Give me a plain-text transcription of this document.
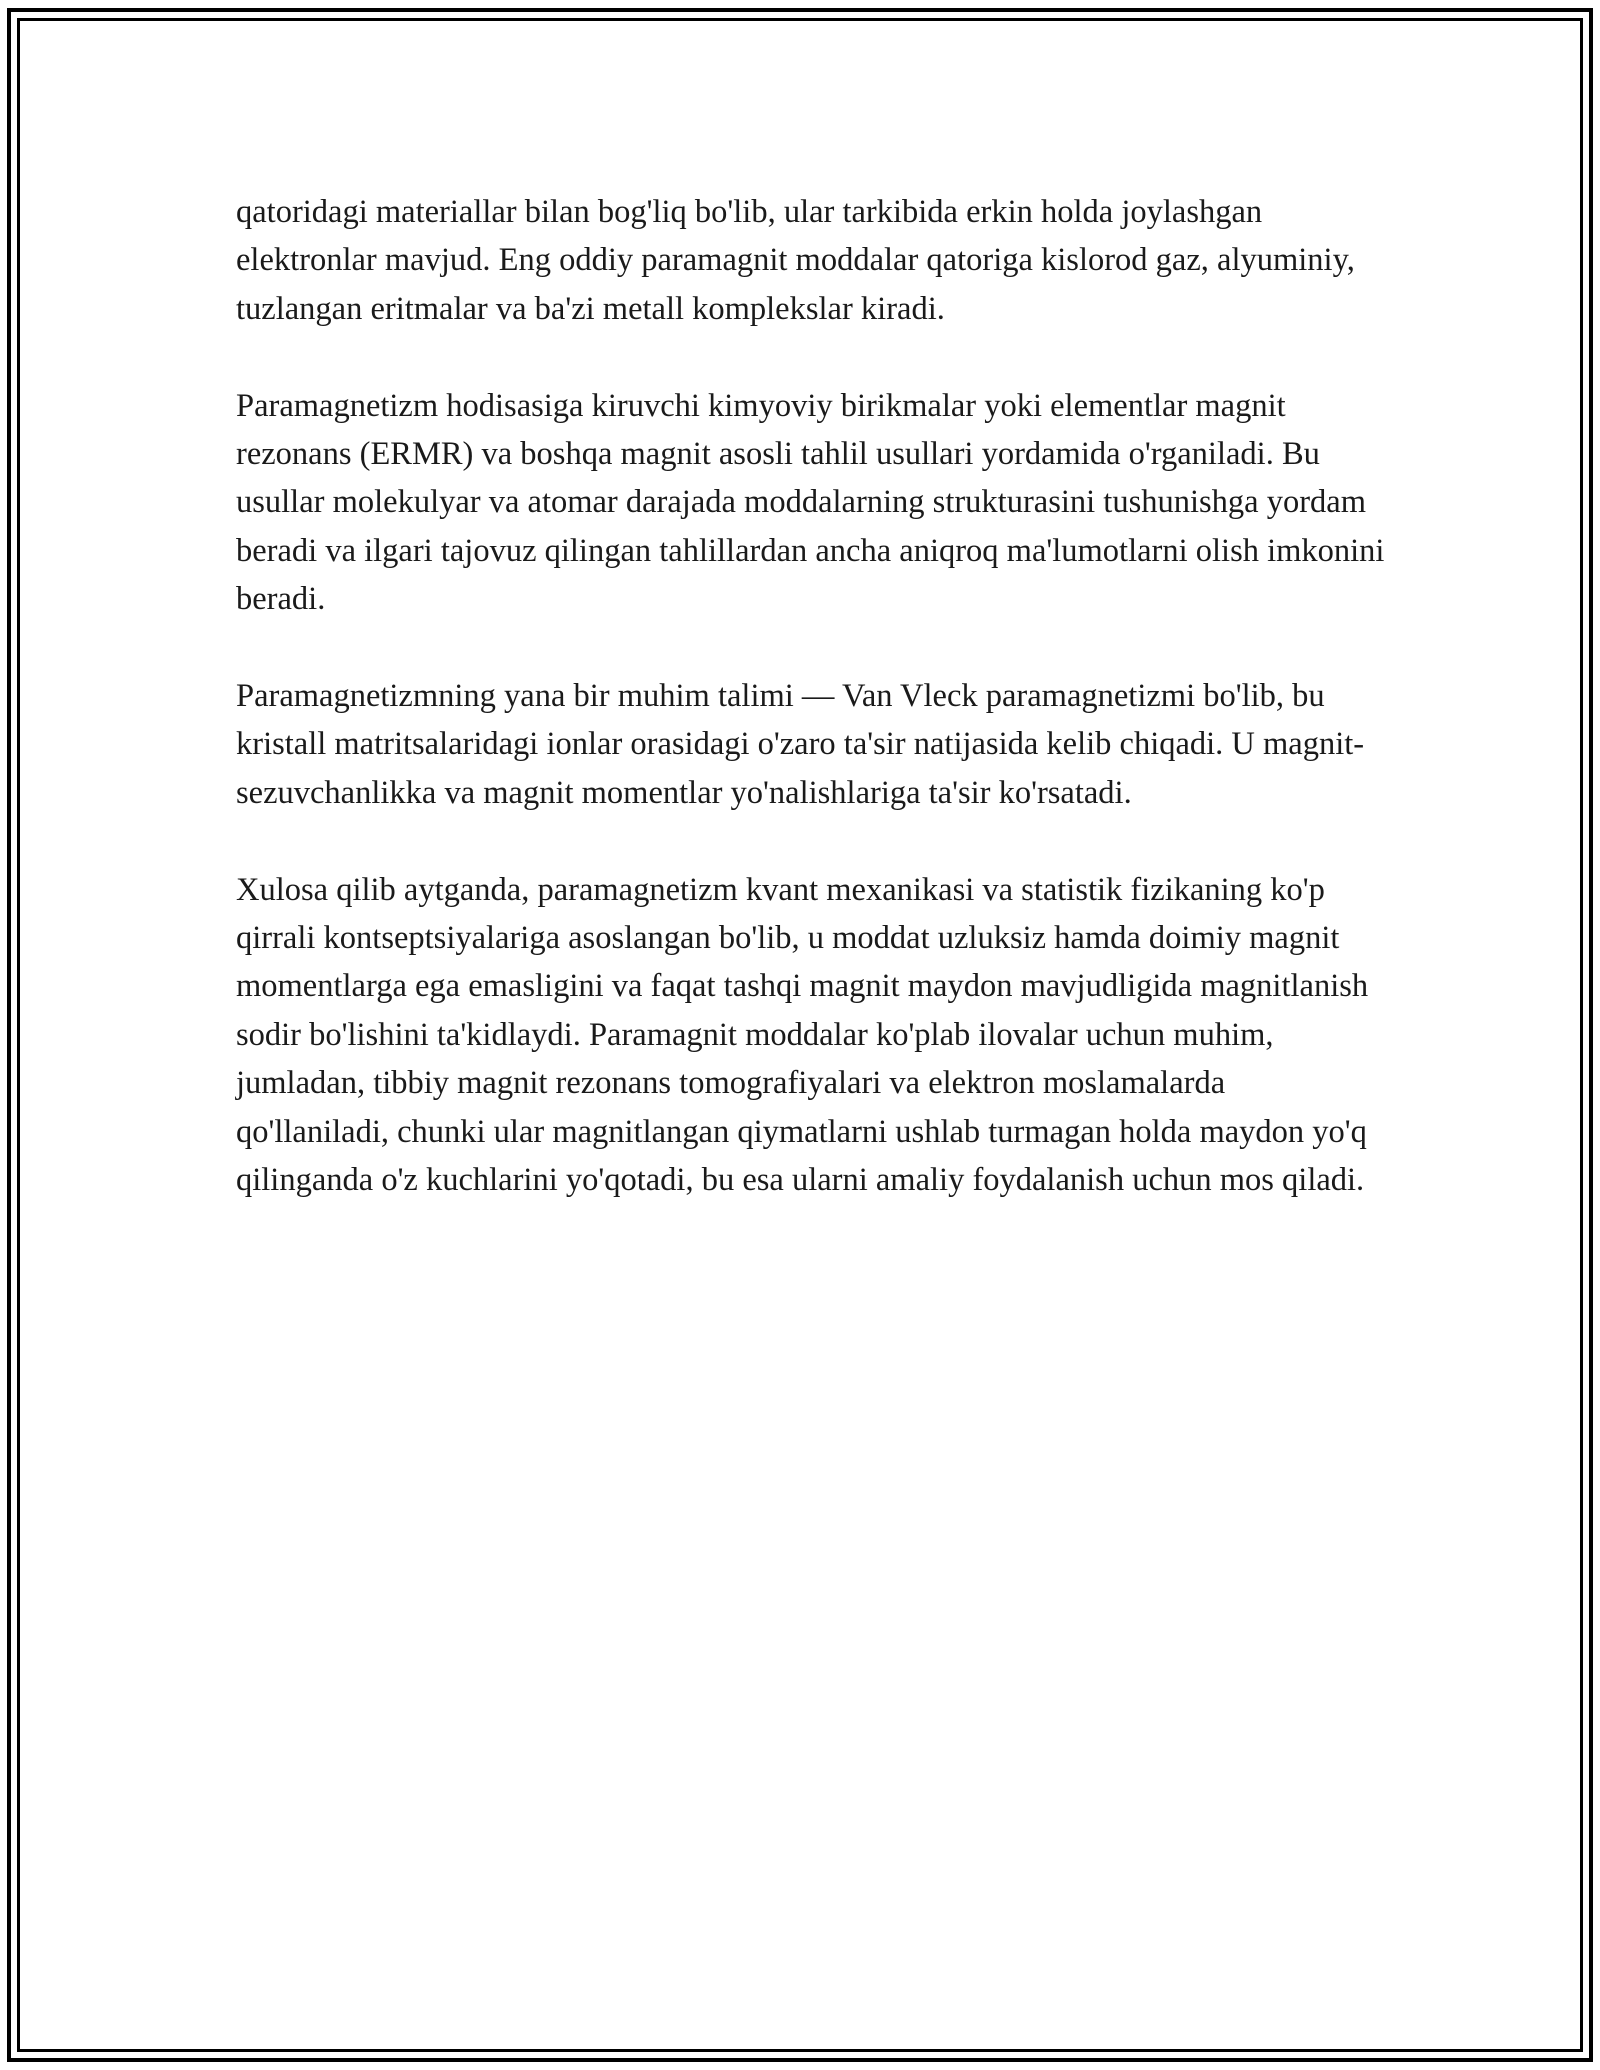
qatoridagi materiallar bilan bog'liq bo'lib, ular tarkibida erkin holda joylashgan elektronlar mavjud. Eng oddiy paramagnit moddalar qatoriga kislorod gaz, alyuminiy, tuzlangan eritmalar va ba'zi metall komplekslar kiradi.

Paramagnetizm hodisasiga kiruvchi kimyoviy birikmalar yoki elementlar magnit rezonans (ERMR) va boshqa magnit asosli tahlil usullari yordamida o'rganiladi. Bu usullar molekulyar va atomar darajada moddalarning strukturasini tushunishga yordam beradi va ilgari tajovuz qilingan tahlillardan ancha aniqroq ma'lumotlarni olish imkonini beradi.

Paramagnetizmning yana bir muhim talimi — Van Vleck paramagnetizmi bo'lib, bu kristall matritsalaridagi ionlar orasidagi o'zaro ta'sir natijasida kelib chiqadi. U magnit-sezuvchanlikka va magnit momentlar yo'nalishlariga ta'sir ko'rsatadi.

Xulosa qilib aytganda, paramagnetizm kvant mexanikasi va statistik fizikaning ko'p qirrali kontseptsiyalariga asoslangan bo'lib, u moddat uzluksiz hamda doimiy magnit momentlarga ega emasligini va faqat tashqi magnit maydon mavjudligida magnitlanish sodir bo'lishini ta'kidlaydi. Paramagnit moddalar ko'plab ilovalar uchun muhim, jumladan, tibbiy magnit rezonans tomografiyalari va elektron moslamalarda qo'llaniladi, chunki ular magnitlangan qiymatlarni ushlab turmagan holda maydon yo'q qilinganda o'z kuchlarini yo'qotadi, bu esa ularni amaliy foydalanish uchun mos qiladi.
